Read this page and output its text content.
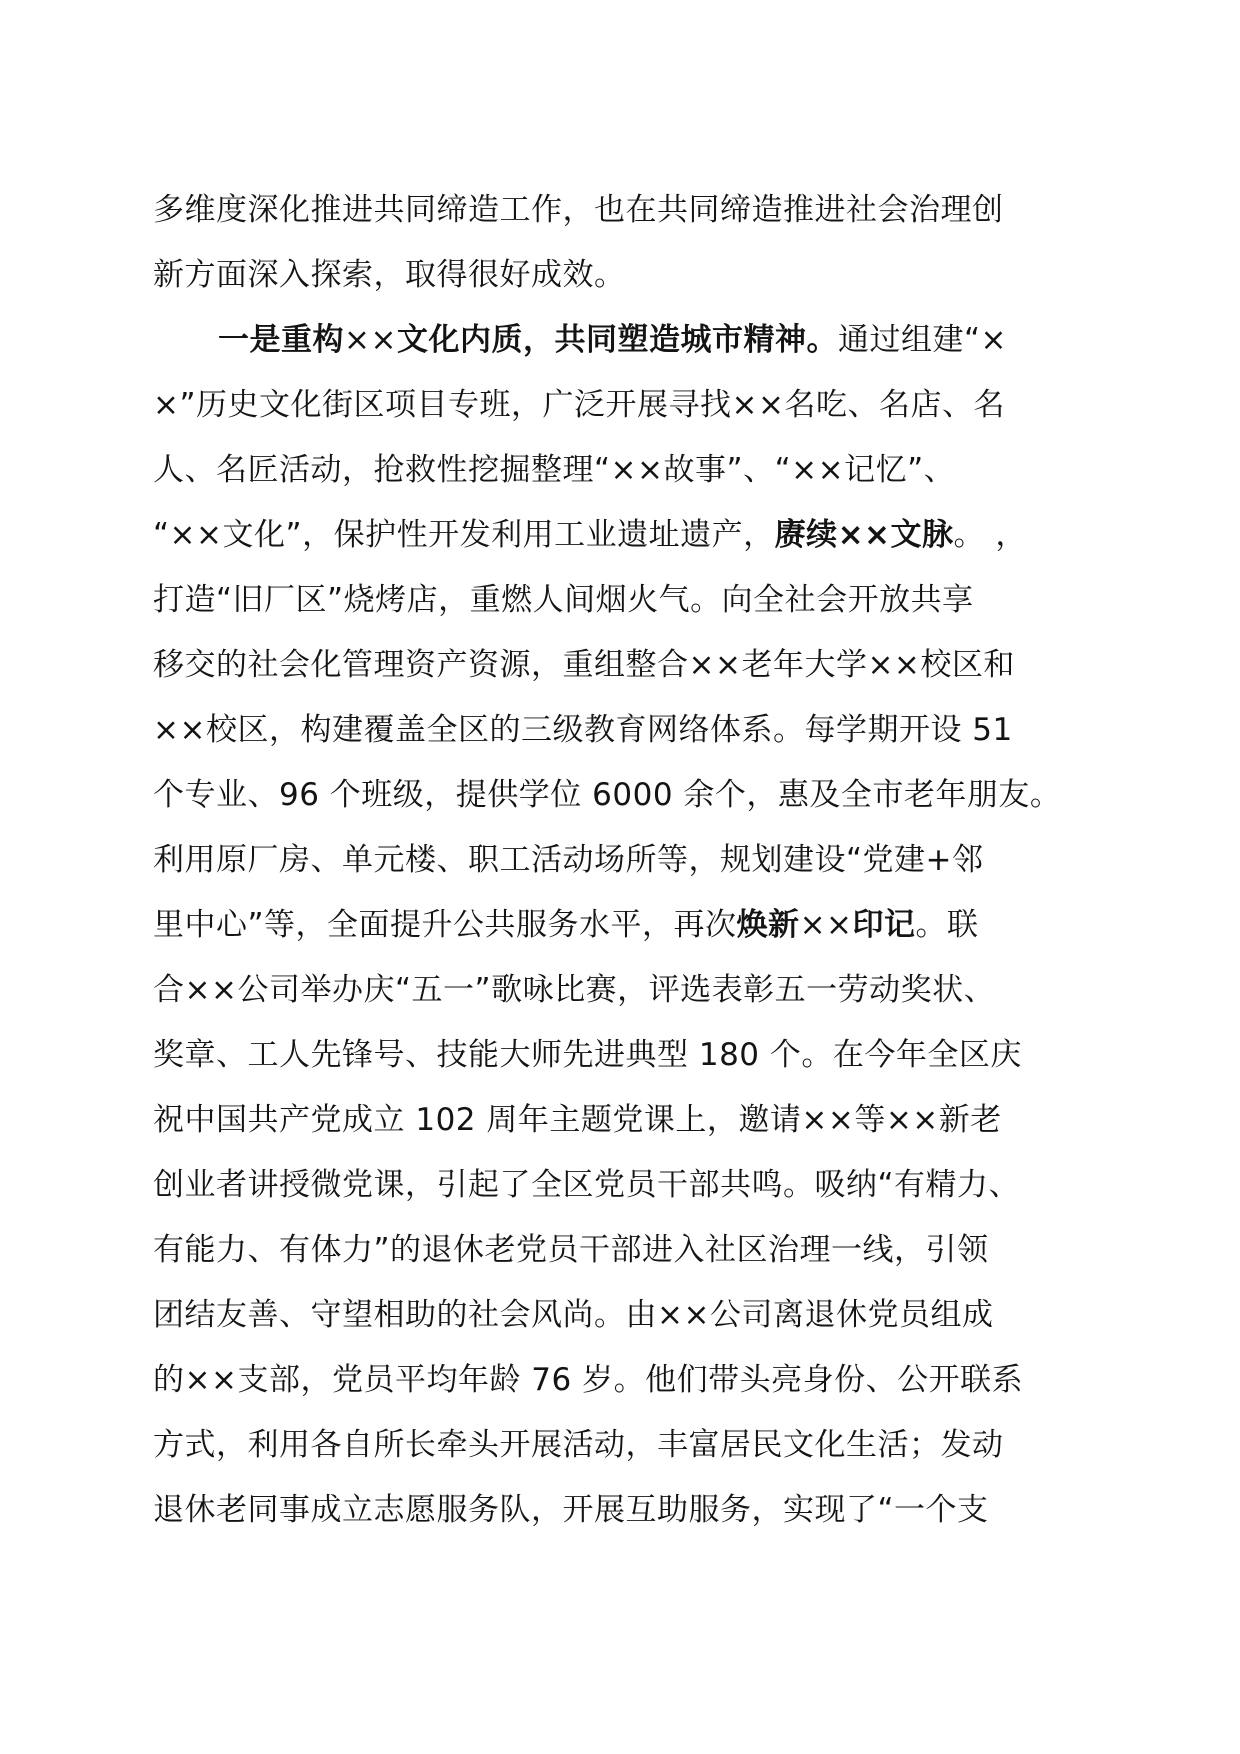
多维度深化推进共同缔造工作，也在共同缔造推进社会治理创
新方面深入探索，取得很好成效。
一是重构××文化内质，共同塑造城市精神。通过组建“×
×”历史文化街区项目专班，广泛开展寻找××名吃、名店、名
人、名匠活动，抢救性挖掘整理“××故事”、“××记忆”、
“××文化”，保护性开发利用工业遗址遗产，赓续××文脉。 ，
打造“旧厂区”烧烤店，重燃人间烟火气。向全社会开放共享
移交的社会化管理资产资源，重组整合××老年大学××校区和
××校区，构建覆盖全区的三级教育网络体系。每学期开设 51
个专业、96 个班级，提供学位 6000 余个，惠及全市老年朋友。
利用原厂房、单元楼、职工活动场所等，规划建设“党建+邻
里中心”等，全面提升公共服务水平，再次焕新××印记。联
合××公司举办庆“五一”歌咏比赛，评选表彰五一劳动奖状、
奖章、工人先锋号、技能大师先进典型 180 个。在今年全区庆
祝中国共产党成立 102 周年主题党课上，邀请××等××新老
创业者讲授微党课，引起了全区党员干部共鸣。吸纳“有精力、
有能力、有体力”的退休老党员干部进入社区治理一线，引领
团结友善、守望相助的社会风尚。由××公司离退休党员组成
的××支部，党员平均年龄 76 岁。他们带头亮身份、公开联系
方式，利用各自所长牵头开展活动，丰富居民文化生活；发动
退休老同事成立志愿服务队，开展互助服务，实现了“一个支
